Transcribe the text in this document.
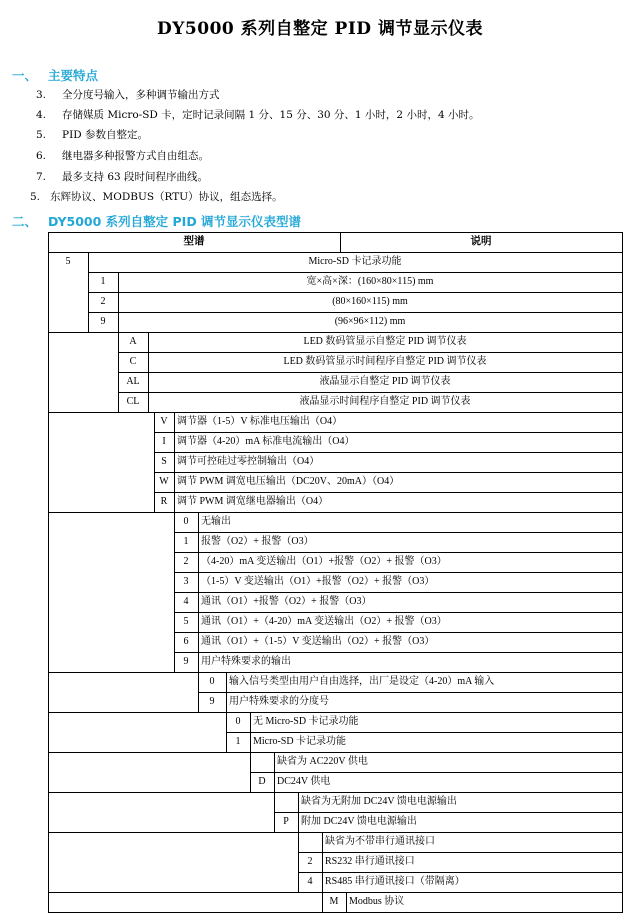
DY5000 系列自整定 PID 调节显示仪表
一、 主要特点
3. 全分度号输入，多种调节输出方式
4. 存储媒质 Micro-SD 卡，定时记录间隔 1 分、15 分、30 分、1 小时，2 小时，4 小时。
5. PID 参数自整定。
6. 继电器多种报警方式自由组态。
7. 最多支持 63 段时间程序曲线。
5. 东辉协议、MODBUS（RTU）协议，组态选择。
二、 DY5000 系列自整定 PID 调节显示仪表型谱
型谱	说明
5	Micro-SD 卡记录功能
1	宽×高×深：(160×80×115) mm
2	(80×160×115) mm
9	(96×96×112) mm
A	LED 数码管显示自整定 PID 调节仪表
C	LED 数码管显示时间程序自整定 PID 调节仪表
AL	液晶显示自整定 PID 调节仪表
CL	液晶显示时间程序自整定 PID 调节仪表
V 调节器（1-5）V 标准电压输出（O4）
I	调节器（4-20）mA 标准电流输出（O4）
S	调节可控硅过零控制输出（O4）
W 调节 PWM 调宽电压输出（DC20V、20mA）（O4）
R 调节 PWM 调宽继电器输出（O4）
0	无输出
1	报警（O2）+ 报警（O3）
2	（4-20）mA 变送输出（O1）+报警（O2）+ 报警（O3）
3	（1-5）V 变送输出（O1）+报警（O2）+ 报警（O3）
4	通讯（O1）+报警（O2）+ 报警（O3）
5	通讯（O1）+（4-20）mA 变送输出（O2）+ 报警（O3）
6	通讯（O1）+（1-5）V 变送输出（O2）+ 报警（O3）
9	用户特殊要求的输出
0	输入信号类型由用户自由选择，出厂是设定（4-20）mA 输入
9	用户特殊要求的分度号
0	无 Micro-SD 卡记录功能
1	Micro-SD 卡记录功能
缺省为 AC220V 供电
D	DC24V 供电
缺省为无附加 DC24V 馈电电源输出
P	附加 DC24V 馈电电源输出
缺省为不带串行通讯接口
2	RS232 串行通讯接口
4	RS485 串行通讯接口（带隔离）
M	Modbus 协议
